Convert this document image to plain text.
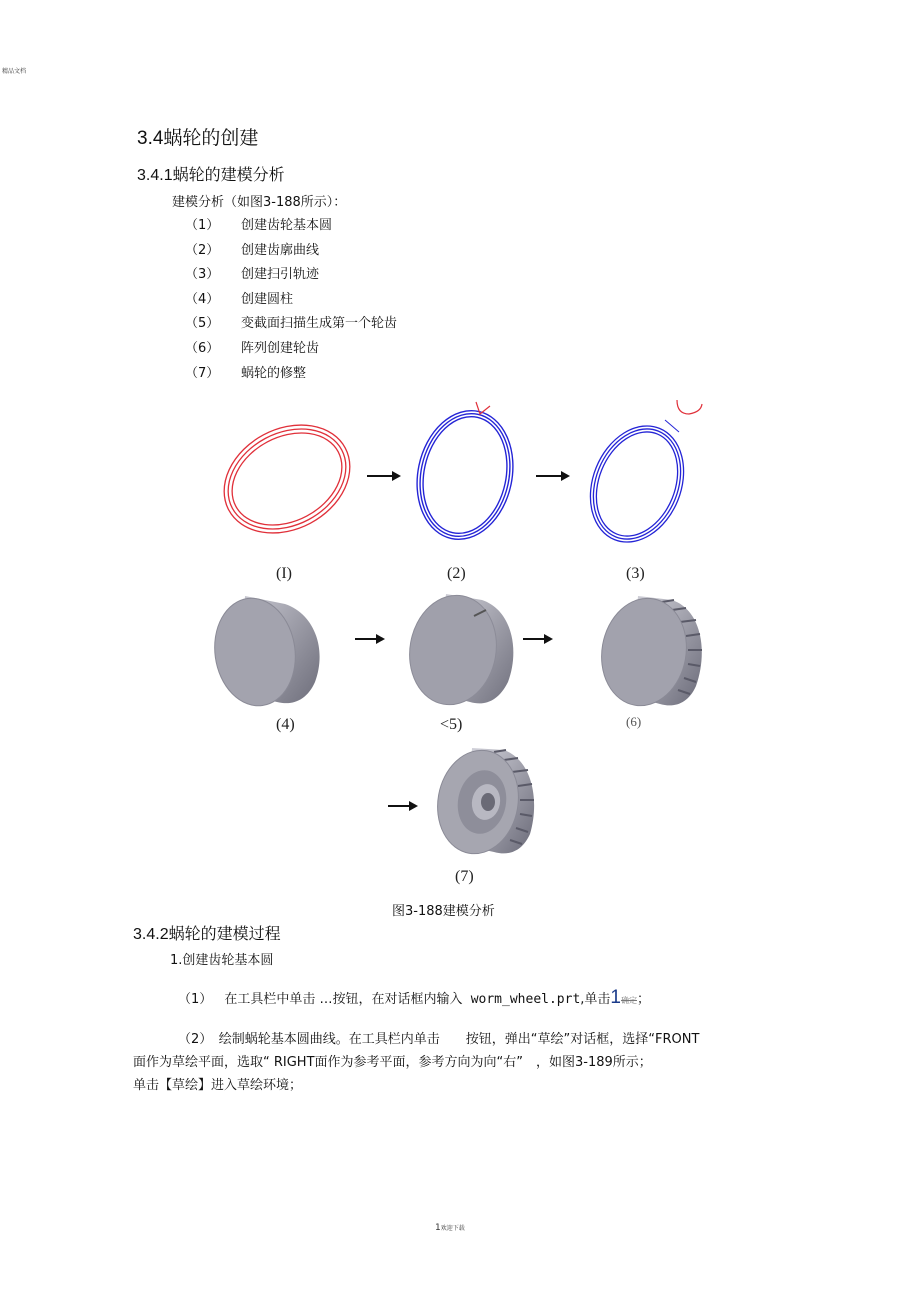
精品文档
3.4蜗轮的创建
3.4.1蜗轮的建模分析
建模分析（如图3-188所示）：
（1）	创建齿轮基本圆
（2）	创建齿廓曲线
（3）	创建扫引轨迹
（4）	创建圆柱
（5）	变截面扫描生成第一个轮齿
（6）	阵列创建轮齿
（7）	蜗轮的修整
(I)	(2)	(3)
(4)	<5)	(6)
(7)
图3-188建模分析
3.4.2蜗轮的建模过程
1.创建齿轮基本圆
（1） 在工具栏中单击 …按钮，在对话框内输入 worm_wheel.prt,单击1确定；
（2）　绘制蜗轮基本圆曲线。在工具栏内单击　　按钮，弹出“草绘”对话框，选择“FRONT
面作为草绘平面，选取“ RIGHT面作为参考平面，参考方向为向“右”　，如图3-189所示；
单击【草绘】进入草绘环境；
1欢迎下载
